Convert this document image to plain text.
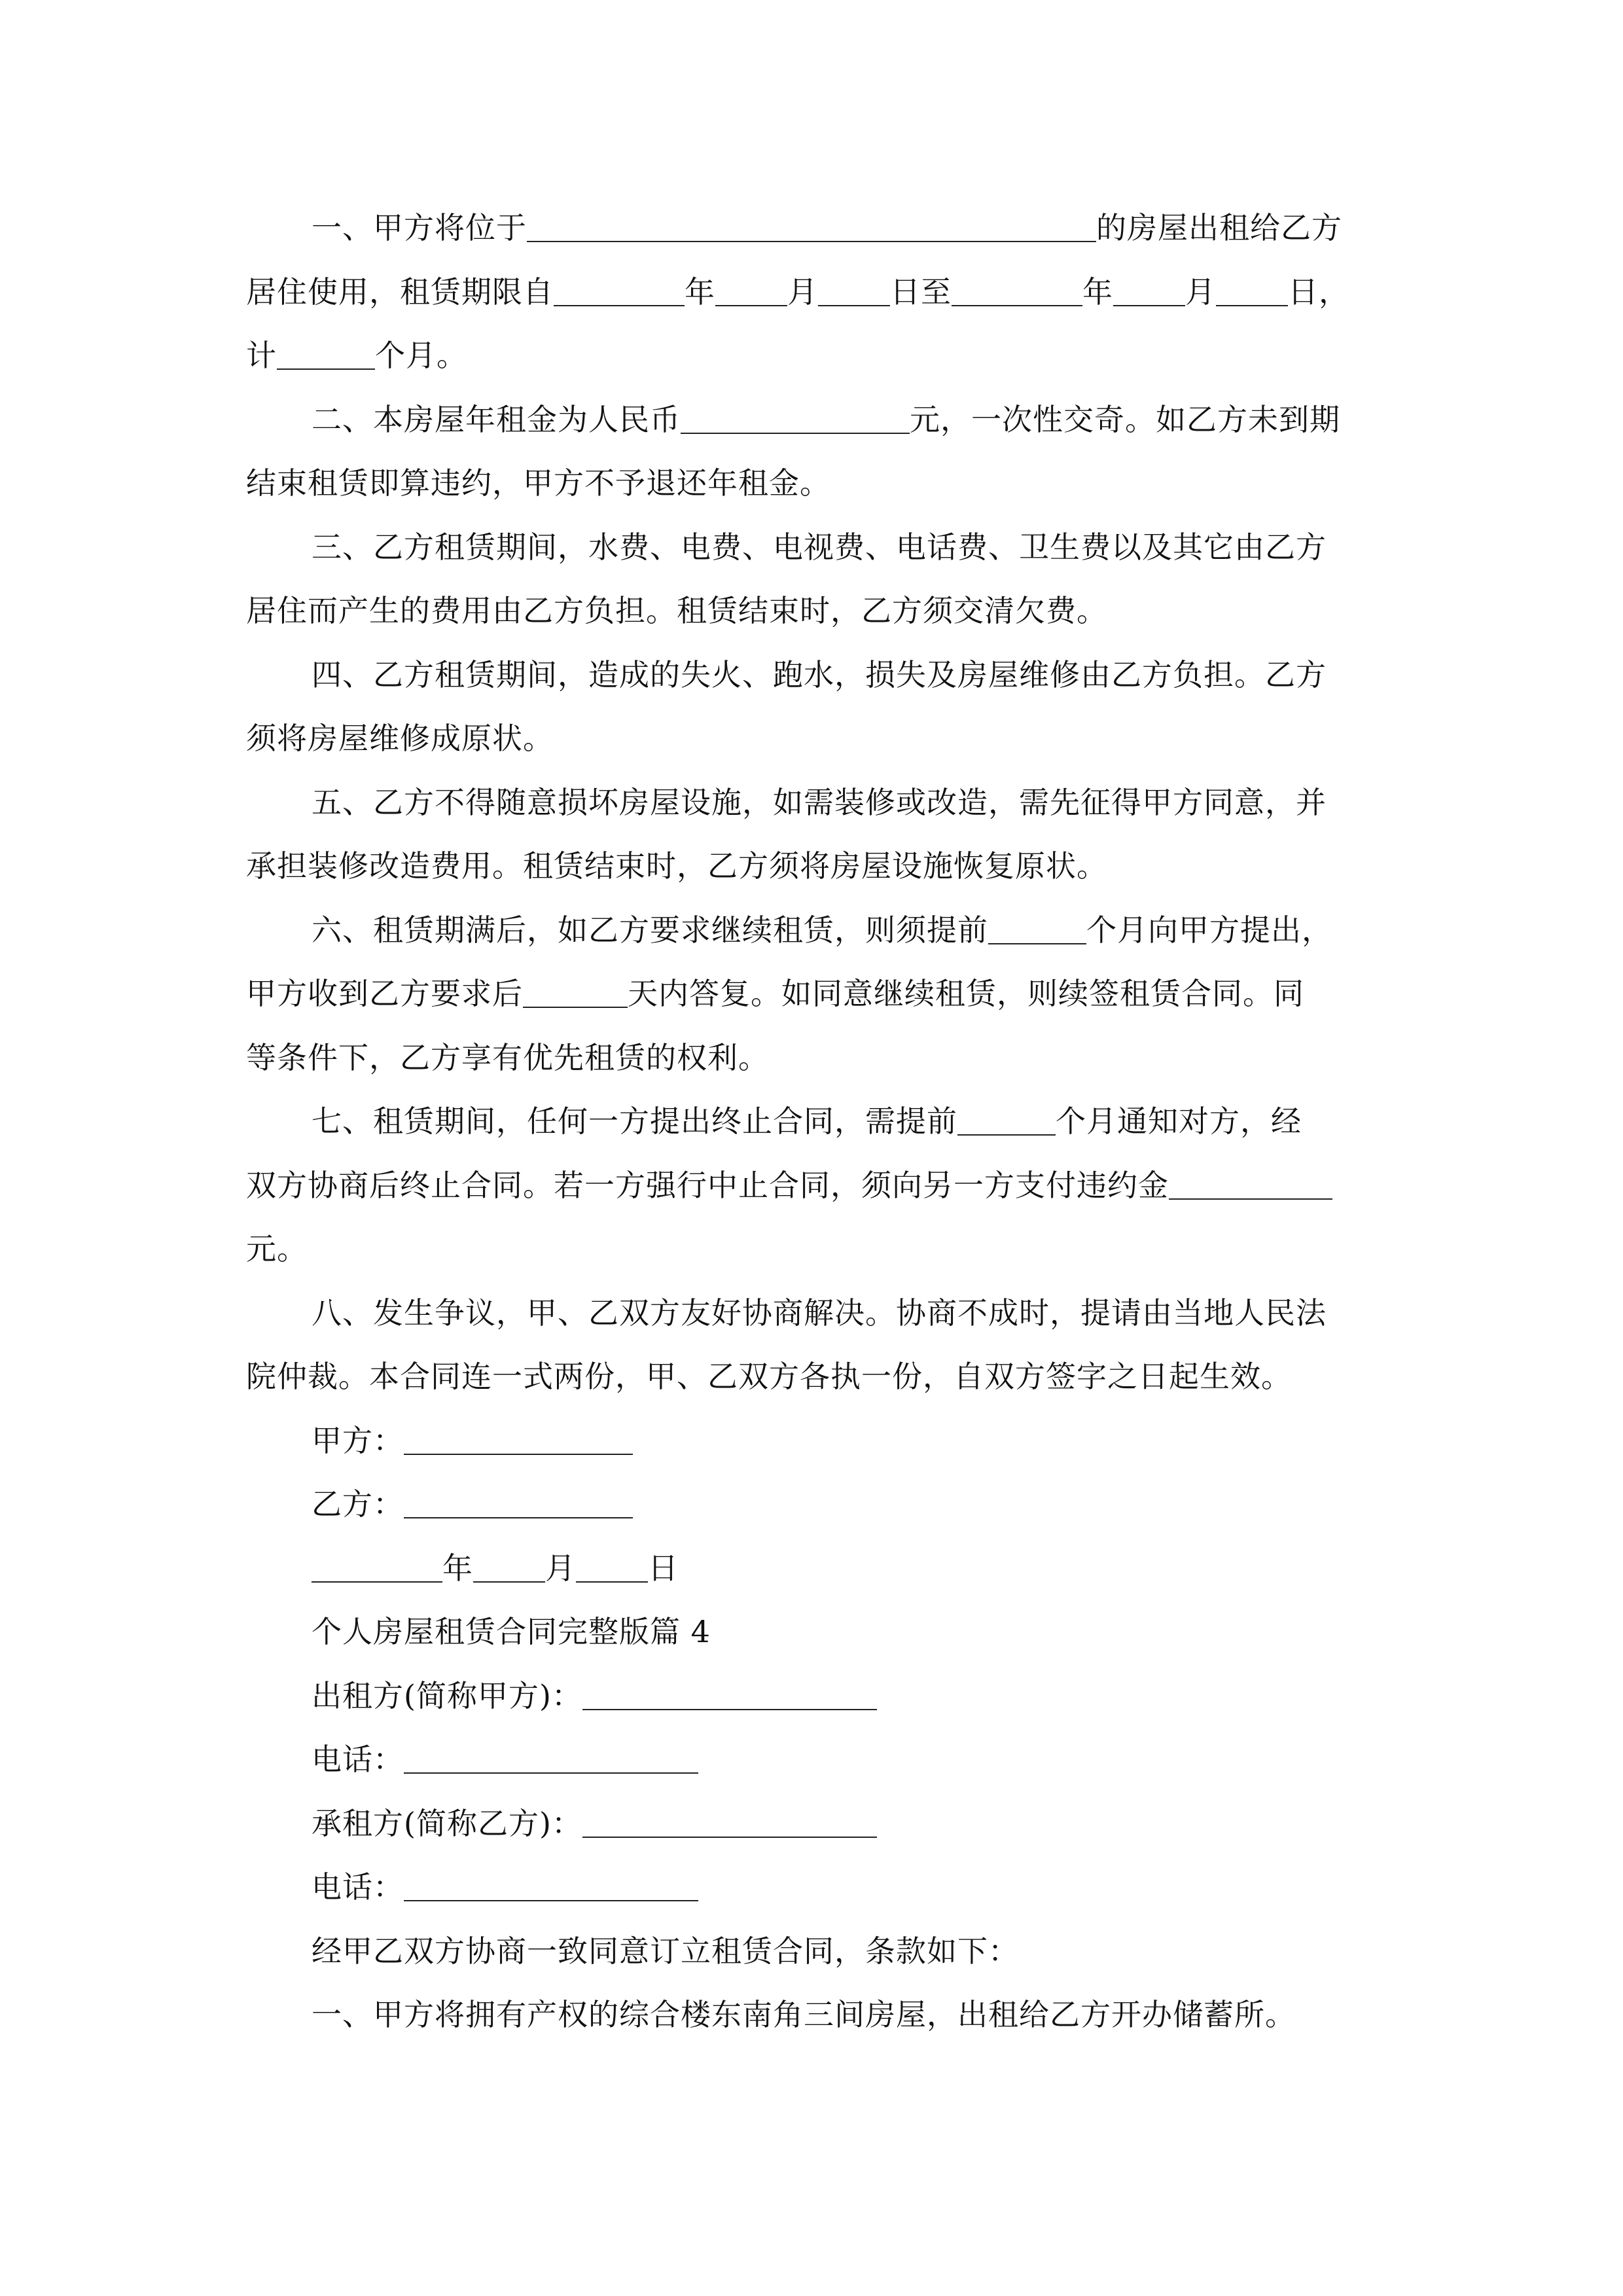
一、甲方将位于	的房屋出租给乙方
居住使用，租赁期限自	年 月 日至	年 月 日，
计	个月。
二、本房屋年租金为人民币	元，一次性交奇。如乙方未到期
结束租赁即算违约，甲方不予退还年租金。
三、乙方租赁期间，水费、电费、电视费、电话费、卫生费以及其它由乙方
居住而产生的费用由乙方负担。租赁结束时，乙方须交清欠费。
四、乙方租赁期间，造成的失火、跑水，损失及房屋维修由乙方负担。乙方
须将房屋维修成原状。
五、乙方不得随意损坏房屋设施，如需装修或改造，需先征得甲方同意，并
承担装修改造费用。租赁结束时，乙方须将房屋设施恢复原状。
六、租赁期满后，如乙方要求继续租赁，则须提前	个月向甲方提出，
甲方收到乙方要求后	天内答复。如同意继续租赁，则续签租赁合同。同
等条件下，乙方享有优先租赁的权利。
七、租赁期间，任何一方提出终止合同，需提前	个月通知对方，经
双方协商后终止合同。若一方强行中止合同，须向另一方支付违约金
元。
八、发生争议，甲、乙双方友好协商解决。协商不成时，提请由当地人民法
院仲裁。本合同连一式两份，甲、乙双方各执一份，自双方签字之日起生效。
甲方：
乙方：
年 月 日
个人房屋租赁合同完整版篇 4
出租方(简称甲方)：
电话：
承租方(简称乙方)：
电话：
经甲乙双方协商一致同意订立租赁合同，条款如下：
一、甲方将拥有产权的综合楼东南角三间房屋，出租给乙方开办储蓄所。
